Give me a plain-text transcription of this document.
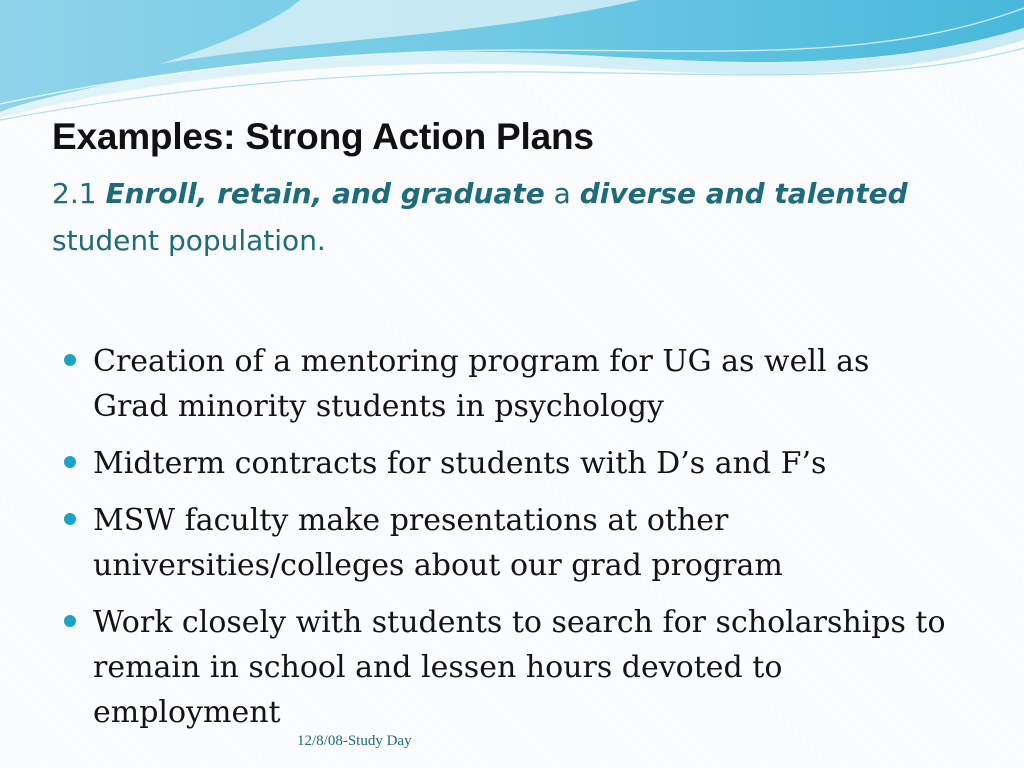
Examples: Strong Action Plans

2.1 Enroll, retain, and graduate a diverse and talented student population.

Creation of a mentoring program for UG as well as Grad minority students in psychology
Midterm contracts for students with D’s and F’s
MSW faculty make presentations at other universities/colleges about our grad program
Work closely with students to search for scholarships to remain in school and lessen hours devoted to employment
12/8/08-Study Day
